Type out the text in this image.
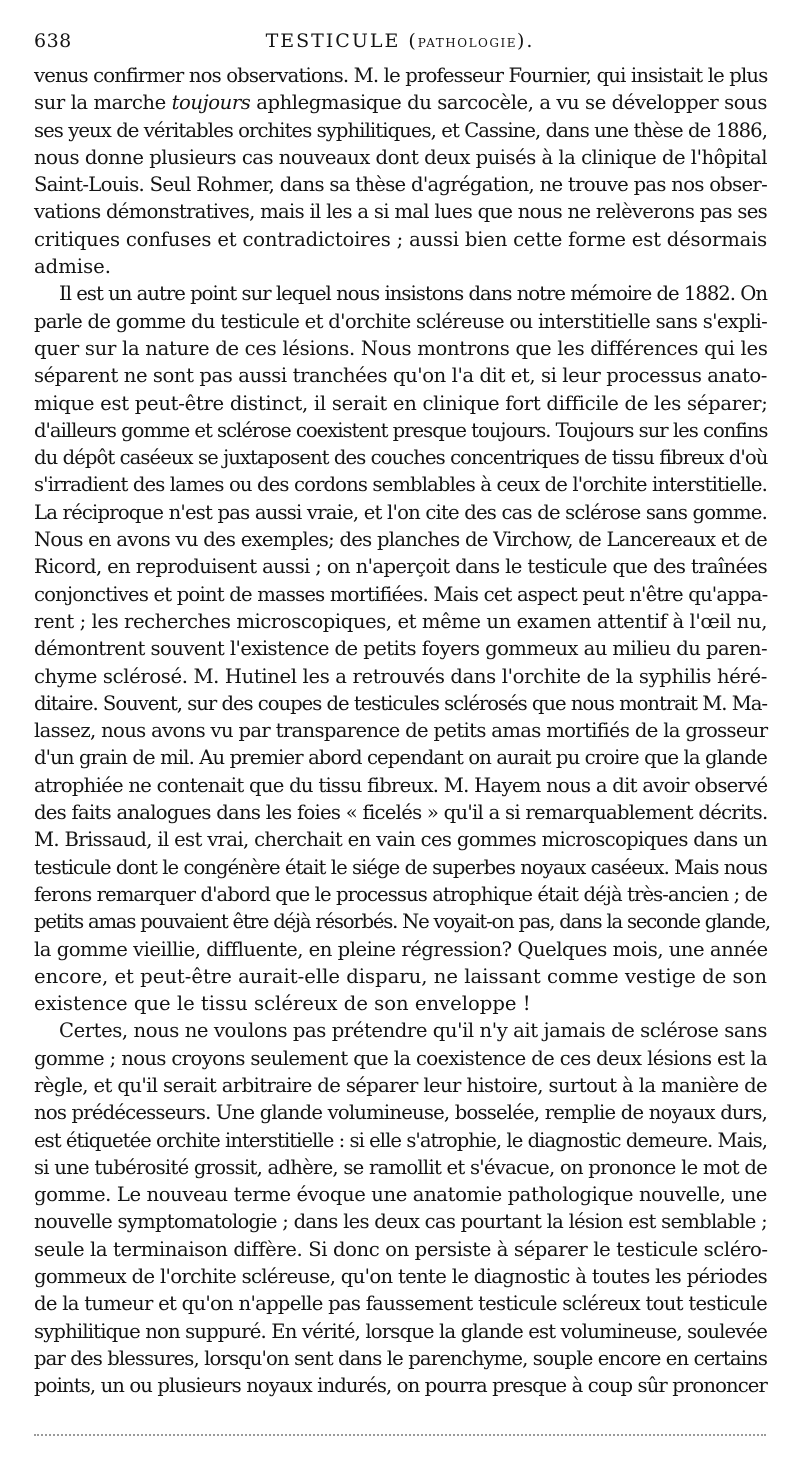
638	TESTICULE (PATHOLOGIE).
venus confirmer nos observations. M. le professeur Fournier, qui insistait le plus
sur la marche toujours aphlegmasique du sarcocèle, a vu se développer sous
ses yeux de véritables orchites syphilitiques, et Cassine, dans une thèse de 1886,
nous donne plusieurs cas nouveaux dont deux puisés à la clinique de l'hôpital
Saint-Louis. Seul Rohmer, dans sa thèse d'agrégation, ne trouve pas nos obser-
vations démonstratives, mais il les a si mal lues que nous ne relèverons pas ses
critiques confuses et contradictoires ; aussi bien cette forme est désormais
admise.
Il est un autre point sur lequel nous insistons dans notre mémoire de 1882. On
parle de gomme du testicule et d'orchite scléreuse ou interstitielle sans s'expli-
quer sur la nature de ces lésions. Nous montrons que les différences qui les
séparent ne sont pas aussi tranchées qu'on l'a dit et, si leur processus anato-
mique est peut-être distinct, il serait en clinique fort difficile de les séparer;
d'ailleurs gomme et sclérose coexistent presque toujours. Toujours sur les confins
du dépôt caséeux se juxtaposent des couches concentriques de tissu fibreux d'où
s'irradient des lames ou des cordons semblables à ceux de l'orchite interstitielle.
La réciproque n'est pas aussi vraie, et l'on cite des cas de sclérose sans gomme.
Nous en avons vu des exemples; des planches de Virchow, de Lancereaux et de
Ricord, en reproduisent aussi ; on n'aperçoit dans le testicule que des traînées
conjonctives et point de masses mortifiées. Mais cet aspect peut n'être qu'appa-
rent ; les recherches microscopiques, et même un examen attentif à l'œil nu,
démontrent souvent l'existence de petits foyers gommeux au milieu du paren-
chyme sclérosé. M. Hutinel les a retrouvés dans l'orchite de la syphilis héré-
ditaire. Souvent, sur des coupes de testicules sclérosés que nous montrait M. Ma-
lassez, nous avons vu par transparence de petits amas mortifiés de la grosseur
d'un grain de mil. Au premier abord cependant on aurait pu croire que la glande
atrophiée ne contenait que du tissu fibreux. M. Hayem nous a dit avoir observé
des faits analogues dans les foies « ficelés » qu'il a si remarquablement décrits.
M. Brissaud, il est vrai, cherchait en vain ces gommes microscopiques dans un
testicule dont le congénère était le siége de superbes noyaux caséeux. Mais nous
ferons remarquer d'abord que le processus atrophique était déjà très-ancien ; de
petits amas pouvaient être déjà résorbés. Ne voyait-on pas, dans la seconde glande,
la gomme vieillie, diffluente, en pleine régression? Quelques mois, une année
encore, et peut-être aurait-elle disparu, ne laissant comme vestige de son
existence que le tissu scléreux de son enveloppe !
Certes, nous ne voulons pas prétendre qu'il n'y ait jamais de sclérose sans
gomme ; nous croyons seulement que la coexistence de ces deux lésions est la
règle, et qu'il serait arbitraire de séparer leur histoire, surtout à la manière de
nos prédécesseurs. Une glande volumineuse, bosselée, remplie de noyaux durs,
est étiquetée orchite interstitielle : si elle s'atrophie, le diagnostic demeure. Mais,
si une tubérosité grossit, adhère, se ramollit et s'évacue, on prononce le mot de
gomme. Le nouveau terme évoque une anatomie pathologique nouvelle, une
nouvelle symptomatologie ; dans les deux cas pourtant la lésion est semblable ;
seule la terminaison diffère. Si donc on persiste à séparer le testicule scléro-
gommeux de l'orchite scléreuse, qu'on tente le diagnostic à toutes les périodes
de la tumeur et qu'on n'appelle pas faussement testicule scléreux tout testicule
syphilitique non suppuré. En vérité, lorsque la glande est volumineuse, soulevée
par des blessures, lorsqu'on sent dans le parenchyme, souple encore en certains
points, un ou plusieurs noyaux indurés, on pourra presque à coup sûr prononcer
